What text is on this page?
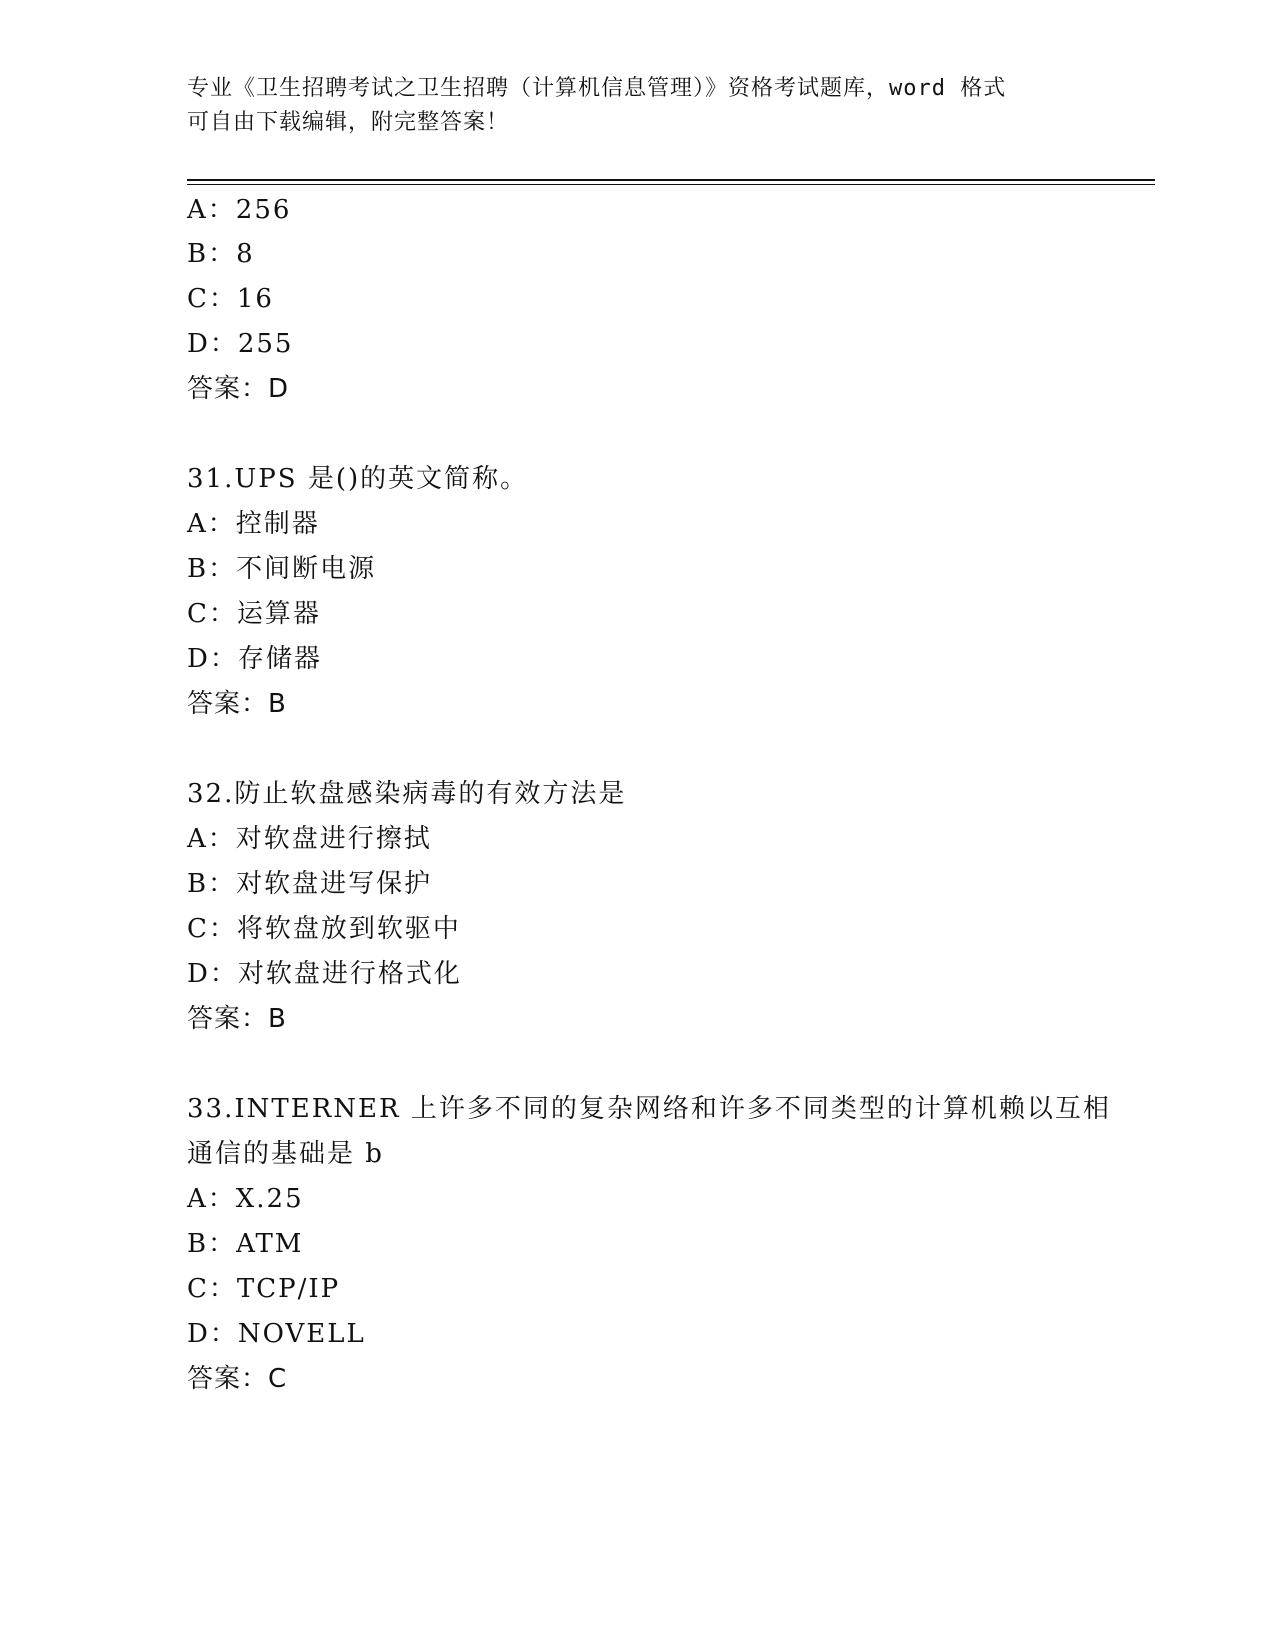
专业《卫生招聘考试之卫生招聘（计算机信息管理）》资格考试题库，word 格式
可自由下载编辑，附完整答案！
A：256
B：8
C：16
D：255
答案：D
31.UPS 是()的英文简称。
A：控制器
B：不间断电源
C：运算器
D：存储器
答案：B
32.防止软盘感染病毒的有效方法是
A：对软盘进行擦拭
B：对软盘进写保护
C：将软盘放到软驱中
D：对软盘进行格式化
答案：B
33.INTERNER 上许多不同的复杂网络和许多不同类型的计算机赖以互相
通信的基础是 b
A：X.25
B：ATM
C：TCP/IP
D：NOVELL
答案：C
